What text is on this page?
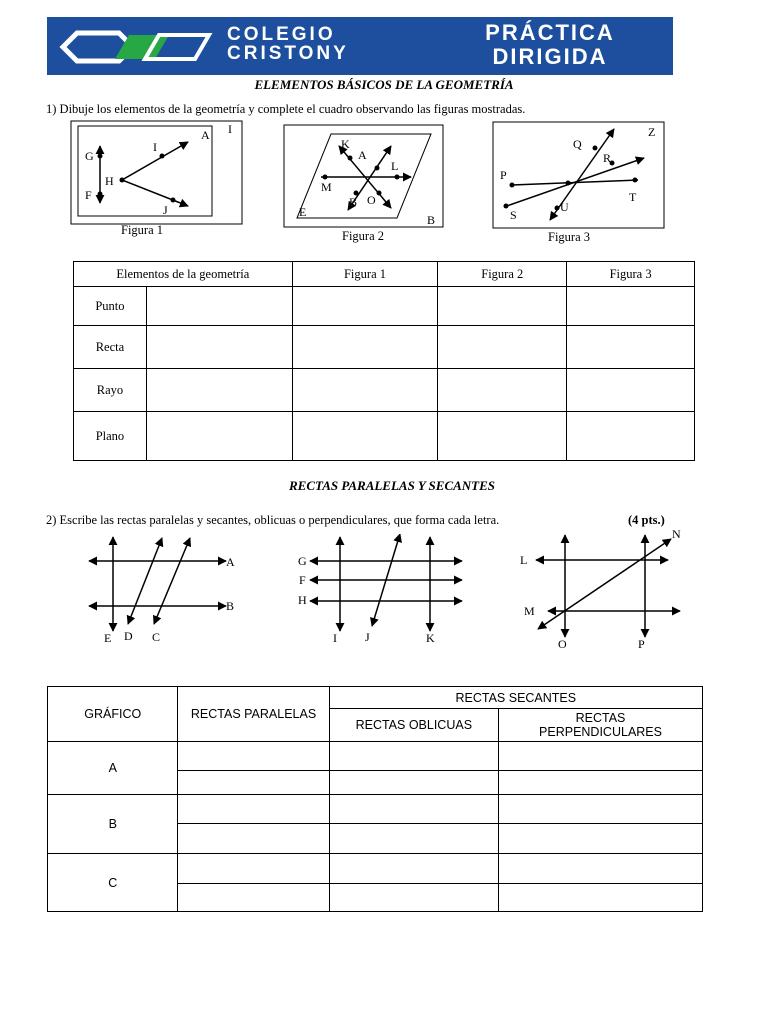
COLEGIO
CRISTONY
PRÁCTICA
DIRIGIDA
ELEMENTOS BÁSICOS DE LA GEOMETRÍA
1) Dibuje los elementos de la geometría y complete el cuadro observando las figuras mostradas.
A I
G
H
F
I
J
Figura 1
K
A
L
M
B O
E
B
Figura 2
Z
Q
R
P
T
S
U
Figura 3
Elementos de la geometría		Figura 1	Figura 2	Figura 3
Punto				
Recta				
Rayo				
Plano				
RECTAS PARALELAS Y SECANTES
2) Escribe las rectas paralelas y secantes, oblicuas o perpendiculares, que forma cada letra.	(4 pts.)
A
B
E D C
G
F
H
I J	K
N
L
M
O	P
GRÁFICO	RECTAS PARALELAS	RECTAS SECANTES	
		RECTAS OBLICUAS	RECTAS PERPENDICULARES
A			

B			

C			
